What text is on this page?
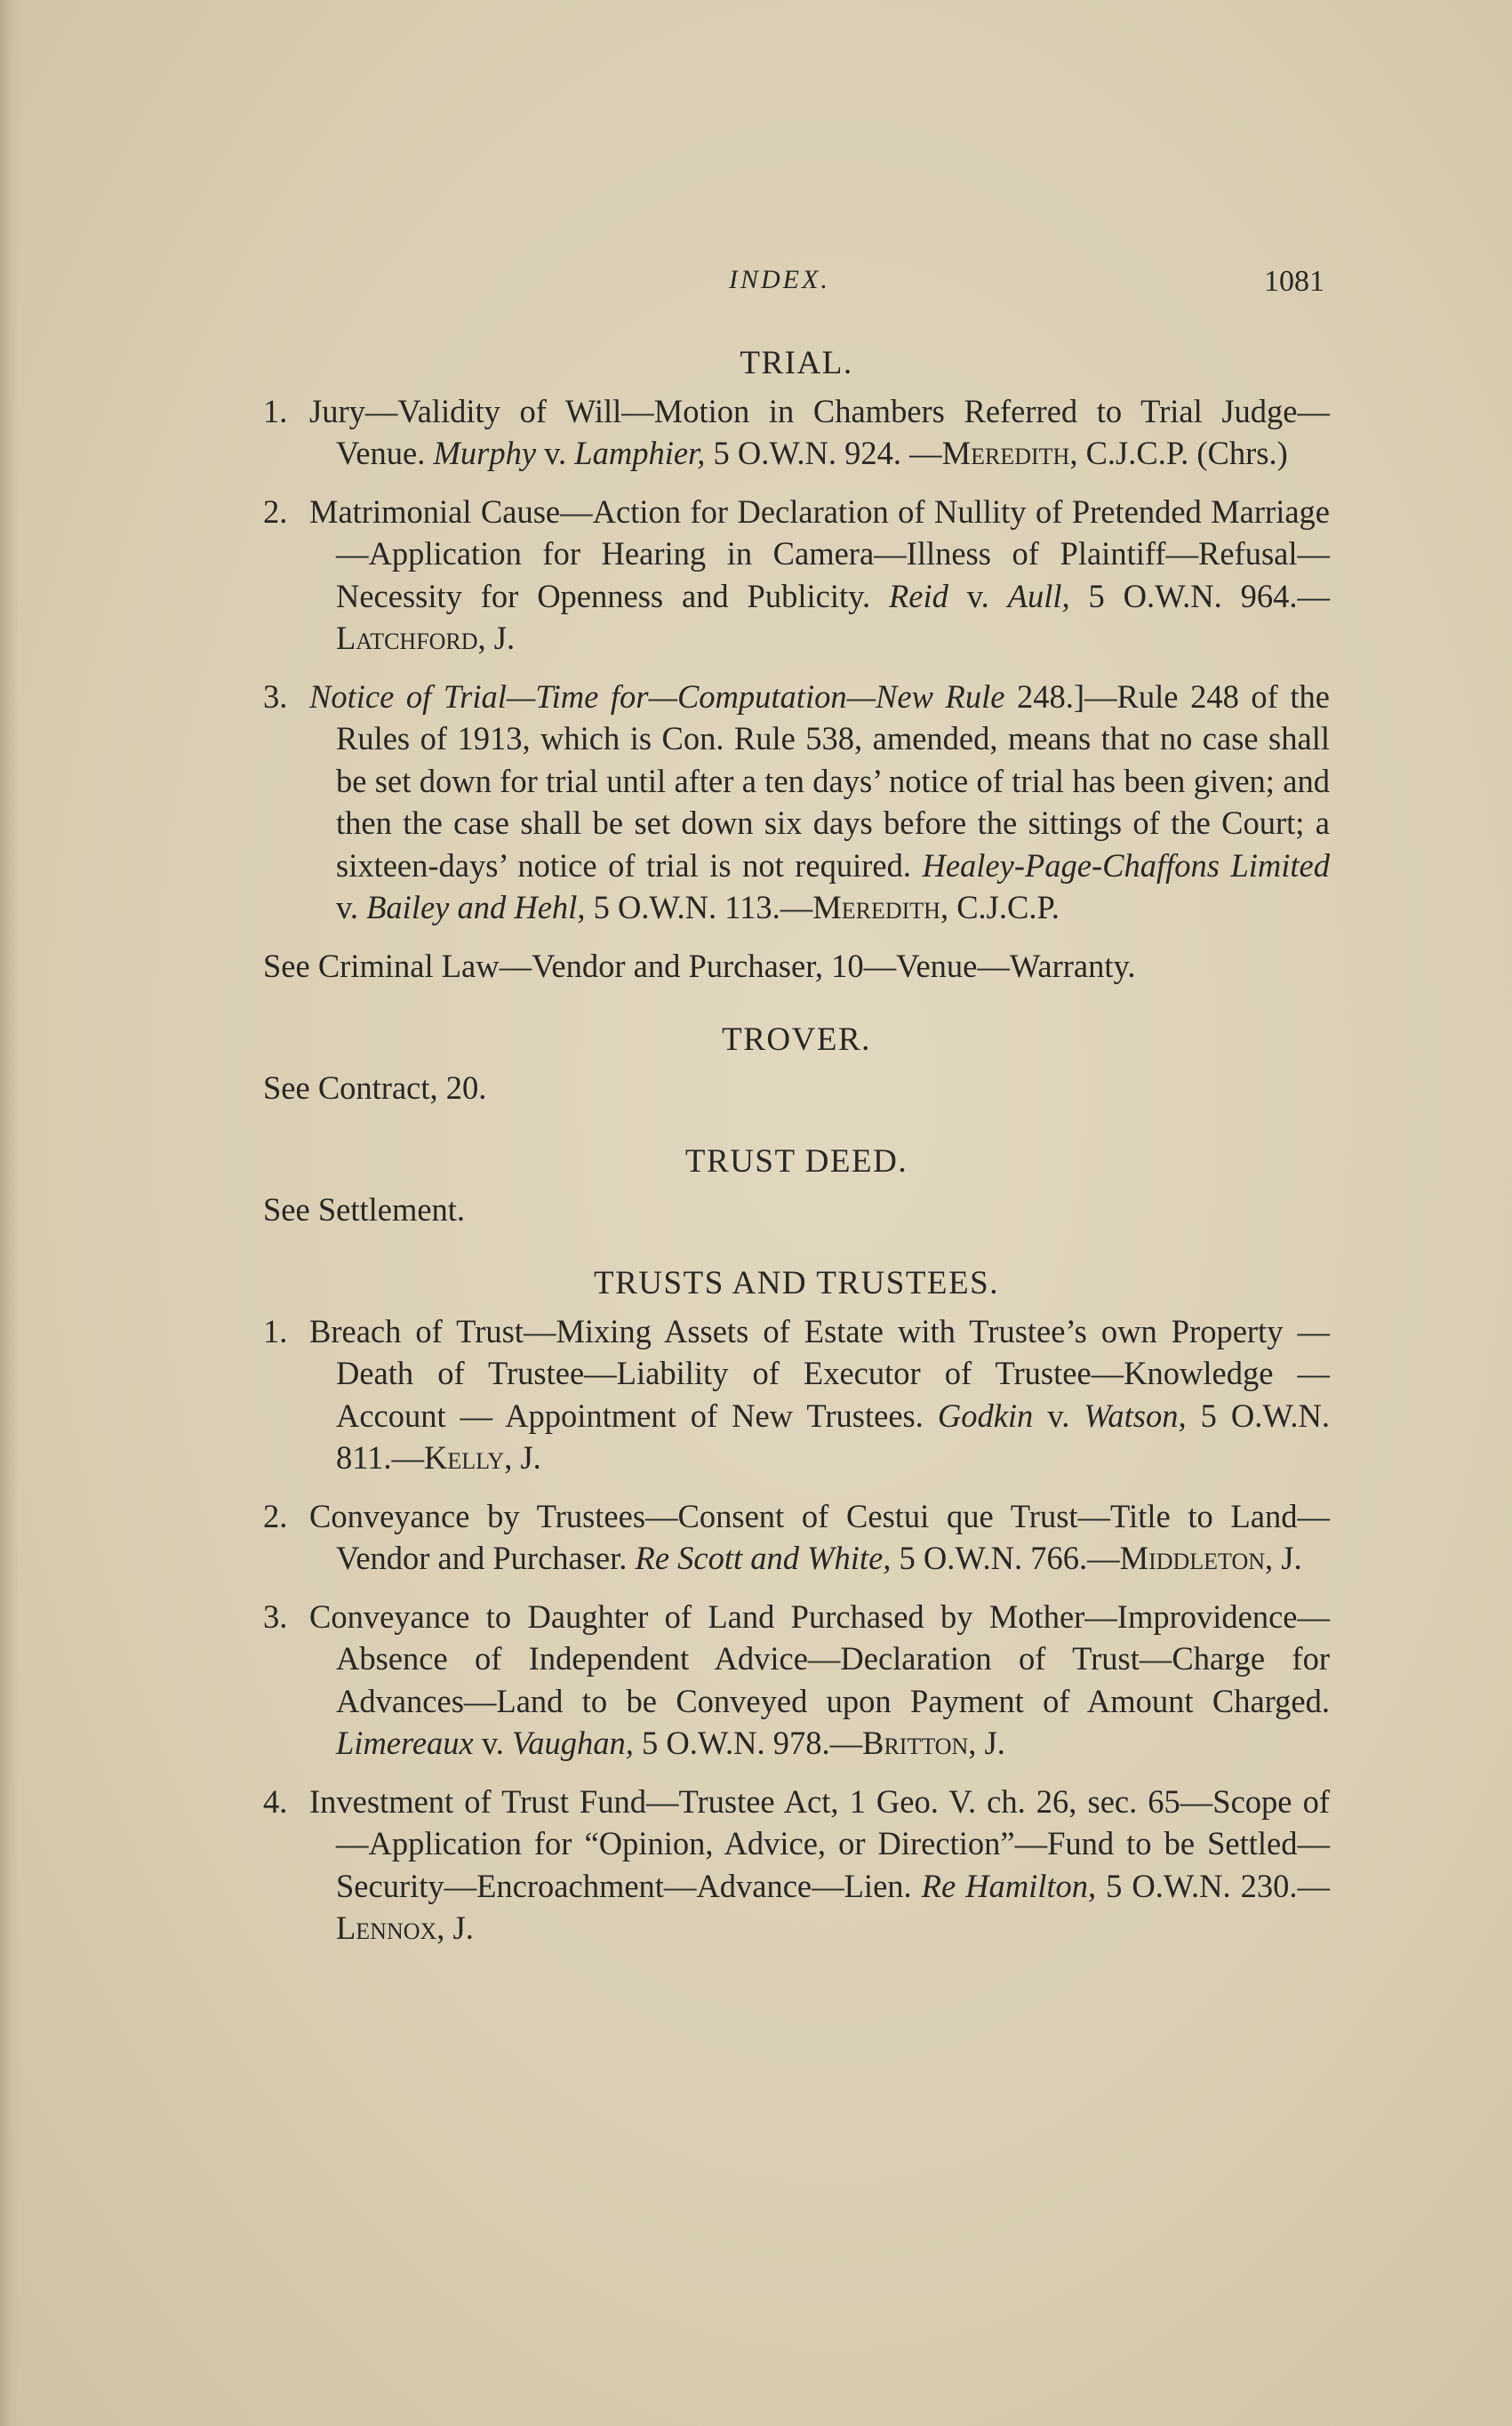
INDEX.	1081
TRIAL.

1. Jury—Validity of Will—Motion in Chambers Referred to Trial Judge—Venue. Murphy v. Lamphier, 5 O.W.N. 924. —Meredith, C.J.C.P. (Chrs.)

2. Matrimonial Cause—Action for Declaration of Nullity of Pretended Marriage—Application for Hearing in Camera—Illness of Plaintiff—Refusal—Necessity for Openness and Publicity. Reid v. Aull, 5 O.W.N. 964.—Latchford, J.

3. Notice of Trial—Time for—Computation—New Rule 248.]—Rule 248 of the Rules of 1913, which is Con. Rule 538, amended, means that no case shall be set down for trial until after a ten days’ notice of trial has been given; and then the case shall be set down six days before the sittings of the Court; a sixteen-days’ notice of trial is not required. Healey-Page-Chaffons Limited v. Bailey and Hehl, 5 O.W.N. 113.—Meredith, C.J.C.P.

See Criminal Law—Vendor and Purchaser, 10—Venue—Warranty.

TROVER.

See Contract, 20.

TRUST DEED.

See Settlement.

TRUSTS AND TRUSTEES.

1. Breach of Trust—Mixing Assets of Estate with Trustee’s own Property — Death of Trustee—Liability of Executor of Trustee—Knowledge — Account — Appointment of New Trustees. Godkin v. Watson, 5 O.W.N. 811.—Kelly, J.

2. Conveyance by Trustees—Consent of Cestui que Trust—Title to Land—Vendor and Purchaser. Re Scott and White, 5 O.W.N. 766.—Middleton, J.

3. Conveyance to Daughter of Land Purchased by Mother—Improvidence—Absence of Independent Advice—Declaration of Trust—Charge for Advances—Land to be Conveyed upon Payment of Amount Charged. Limereaux v. Vaughan, 5 O.W.N. 978.—Britton, J.

4. Investment of Trust Fund—Trustee Act, 1 Geo. V. ch. 26, sec. 65—Scope of—Application for “Opinion, Advice, or Direction”—Fund to be Settled—Security—Encroachment—Advance—Lien. Re Hamilton, 5 O.W.N. 230.—Lennox, J.
